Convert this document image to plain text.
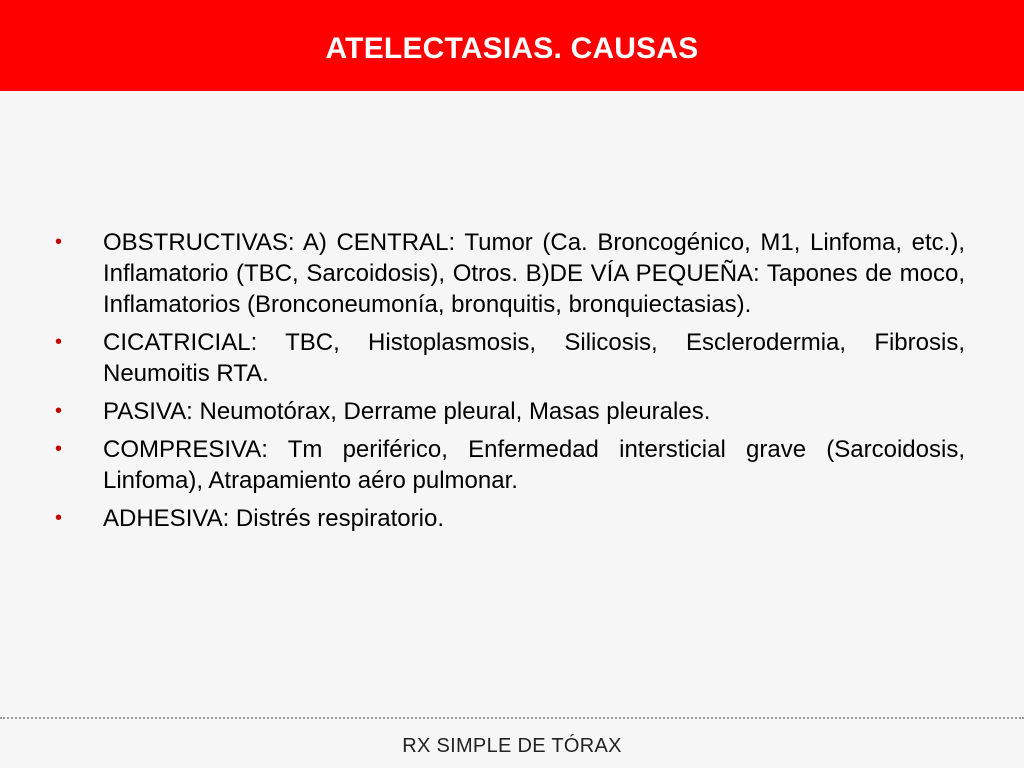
ATELECTASIAS. CAUSAS
•	OBSTRUCTIVAS: A) CENTRAL: Tumor (Ca. Broncogénico, M1, Linfoma, etc.), Inflamatorio (TBC, Sarcoidosis), Otros. B)DE VÍA PEQUEÑA: Tapones de moco, Inflamatorios (Bronconeumonía, bronquitis, bronquiectasias).
•	CICATRICIAL: TBC, Histoplasmosis, Silicosis, Esclerodermia, Fibrosis, Neumoitis RTA.
•	PASIVA: Neumotórax, Derrame pleural, Masas pleurales.
•	COMPRESIVA: Tm periférico, Enfermedad intersticial grave (Sarcoidosis, Linfoma), Atrapamiento aéro pulmonar.
•	ADHESIVA: Distrés respiratorio.
RX SIMPLE DE TÓRAX
